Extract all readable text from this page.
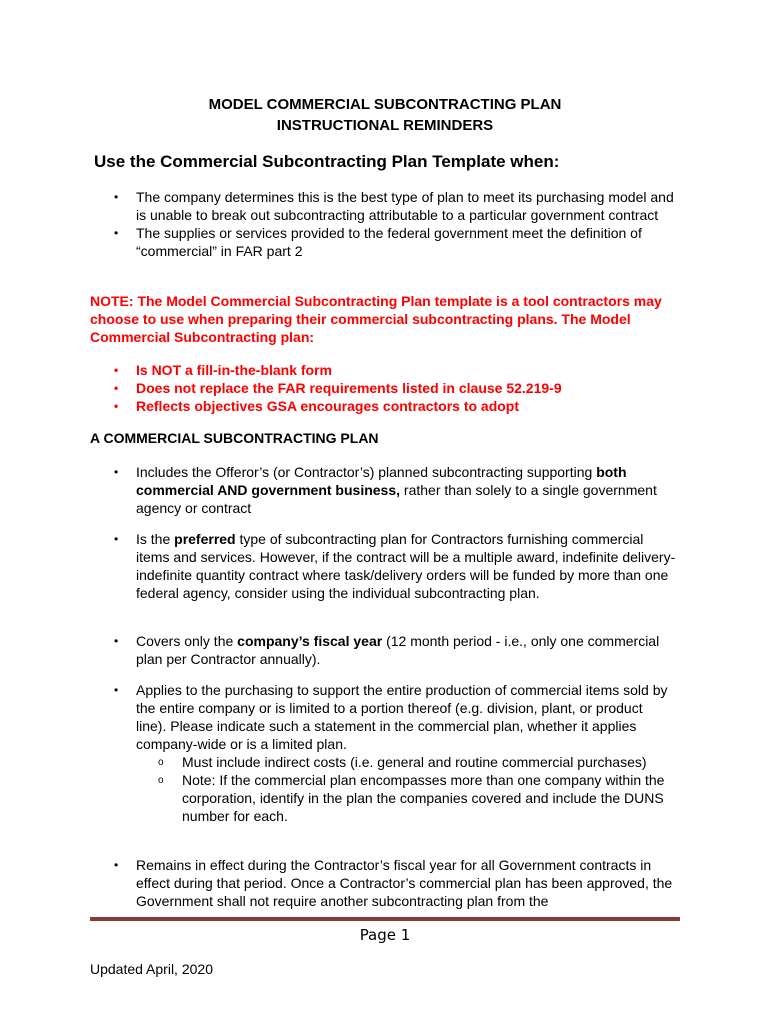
MODEL COMMERCIAL SUBCONTRACTING PLAN
INSTRUCTIONAL REMINDERS
Use the Commercial Subcontracting Plan Template when:
• The company determines this is the best type of plan to meet its purchasing model and is unable to break out subcontracting attributable to a particular government contract
• The supplies or services provided to the federal government meet the definition of “commercial” in FAR part 2
NOTE: The Model Commercial Subcontracting Plan template is a tool contractors may choose to use when preparing their commercial subcontracting plans. The Model Commercial Subcontracting plan:
• Is NOT a fill-in-the-blank form
• Does not replace the FAR requirements listed in clause 52.219-9
• Reflects objectives GSA encourages contractors to adopt
A COMMERCIAL SUBCONTRACTING PLAN
• Includes the Offeror’s (or Contractor’s) planned subcontracting supporting both commercial AND government business, rather than solely to a single government agency or contract
• Is the preferred type of subcontracting plan for Contractors furnishing commercial items and services. However, if the contract will be a multiple award, indefinite delivery-indefinite quantity contract where task/delivery orders will be funded by more than one federal agency, consider using the individual subcontracting plan.
• Covers only the company’s fiscal year (12 month period - i.e., only one commercial plan per Contractor annually).
• Applies to the purchasing to support the entire production of commercial items sold by the entire company or is limited to a portion thereof (e.g. division, plant, or product line). Please indicate such a statement in the commercial plan, whether it applies company-wide or is a limited plan.
o Must include indirect costs (i.e. general and routine commercial purchases)
o Note: If the commercial plan encompasses more than one company within the corporation, identify in the plan the companies covered and include the DUNS number for each.
• Remains in effect during the Contractor’s fiscal year for all Government contracts in effect during that period. Once a Contractor’s commercial plan has been approved, the Government shall not require another subcontracting plan from the
Page 1
Updated April, 2020
